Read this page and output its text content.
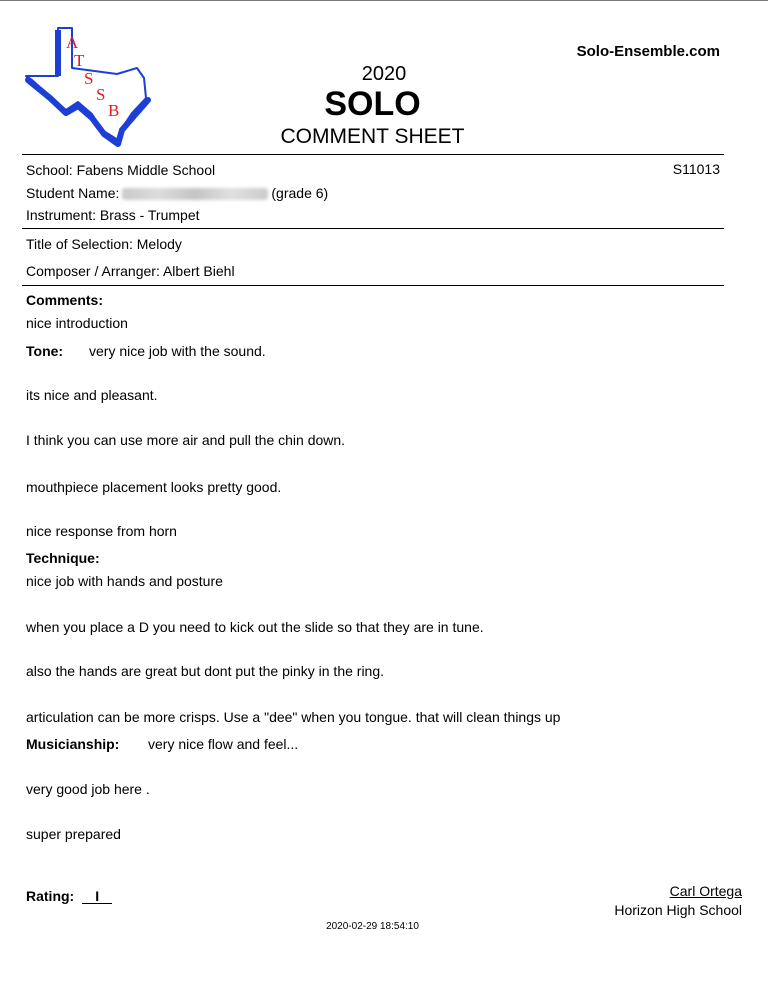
A
T
S
S
B
Solo-Ensemble.com
2020
SOLO
COMMENT SHEET
School: Fabens Middle School	S11013
Student Name:	(grade 6)
Instrument: Brass - Trumpet
Title of Selection: Melody
Composer / Arranger: Albert Biehl
Comments:
nice introduction
Tone: very nice job with the sound.
its nice and pleasant.
I think you can use more air and pull the chin down.
mouthpiece placement looks pretty good.
nice response from horn
Technique:
nice job with hands and posture
when you place a D you need to kick out the slide so that they are in tune.
also the hands are great but dont put the pinky in the ring.
articulation can be more crisps. Use a "dee" when you tongue. that will clean things up
Musicianship: very nice flow and feel...
very good job here .
super prepared
Rating: I	Carl Ortega
Horizon High School
2020-02-29 18:54:10
